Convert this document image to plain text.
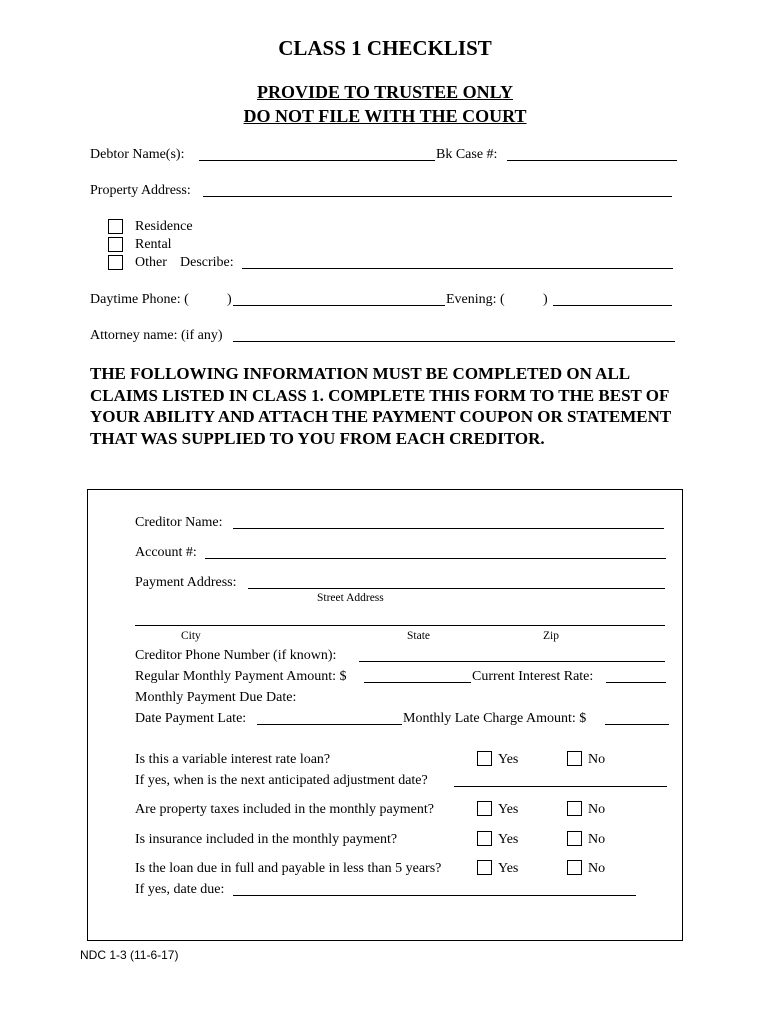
CLASS 1 CHECKLIST
PROVIDE TO TRUSTEE ONLY
DO NOT FILE WITH THE COURT
Debtor Name(s):	Bk Case #:
Property Address:
Residence
Rental
Other Describe:
Daytime Phone: (	)	Evening: (	)
Attorney name: (if any)
THE FOLLOWING INFORMATION MUST BE COMPLETED ON ALL CLAIMS LISTED IN CLASS 1. COMPLETE THIS FORM TO THE BEST OF YOUR ABILITY AND ATTACH THE PAYMENT COUPON OR STATEMENT THAT WAS SUPPLIED TO YOU FROM EACH CREDITOR.
Creditor Name:
Account #:
Payment Address:
Street Address
City	State	Zip
Creditor Phone Number (if known):
Regular Monthly Payment Amount: $	Current Interest Rate:
Monthly Payment Due Date:
Date Payment Late:	Monthly Late Charge Amount: $
Is this a variable interest rate loan?	Yes	No
If yes, when is the next anticipated adjustment date?
Are property taxes included in the monthly payment?	Yes	No
Is insurance included in the monthly payment?	Yes	No
Is the loan due in full and payable in less than 5 years?	Yes	No
If yes, date due:
NDC 1-3 (11-6-17)
